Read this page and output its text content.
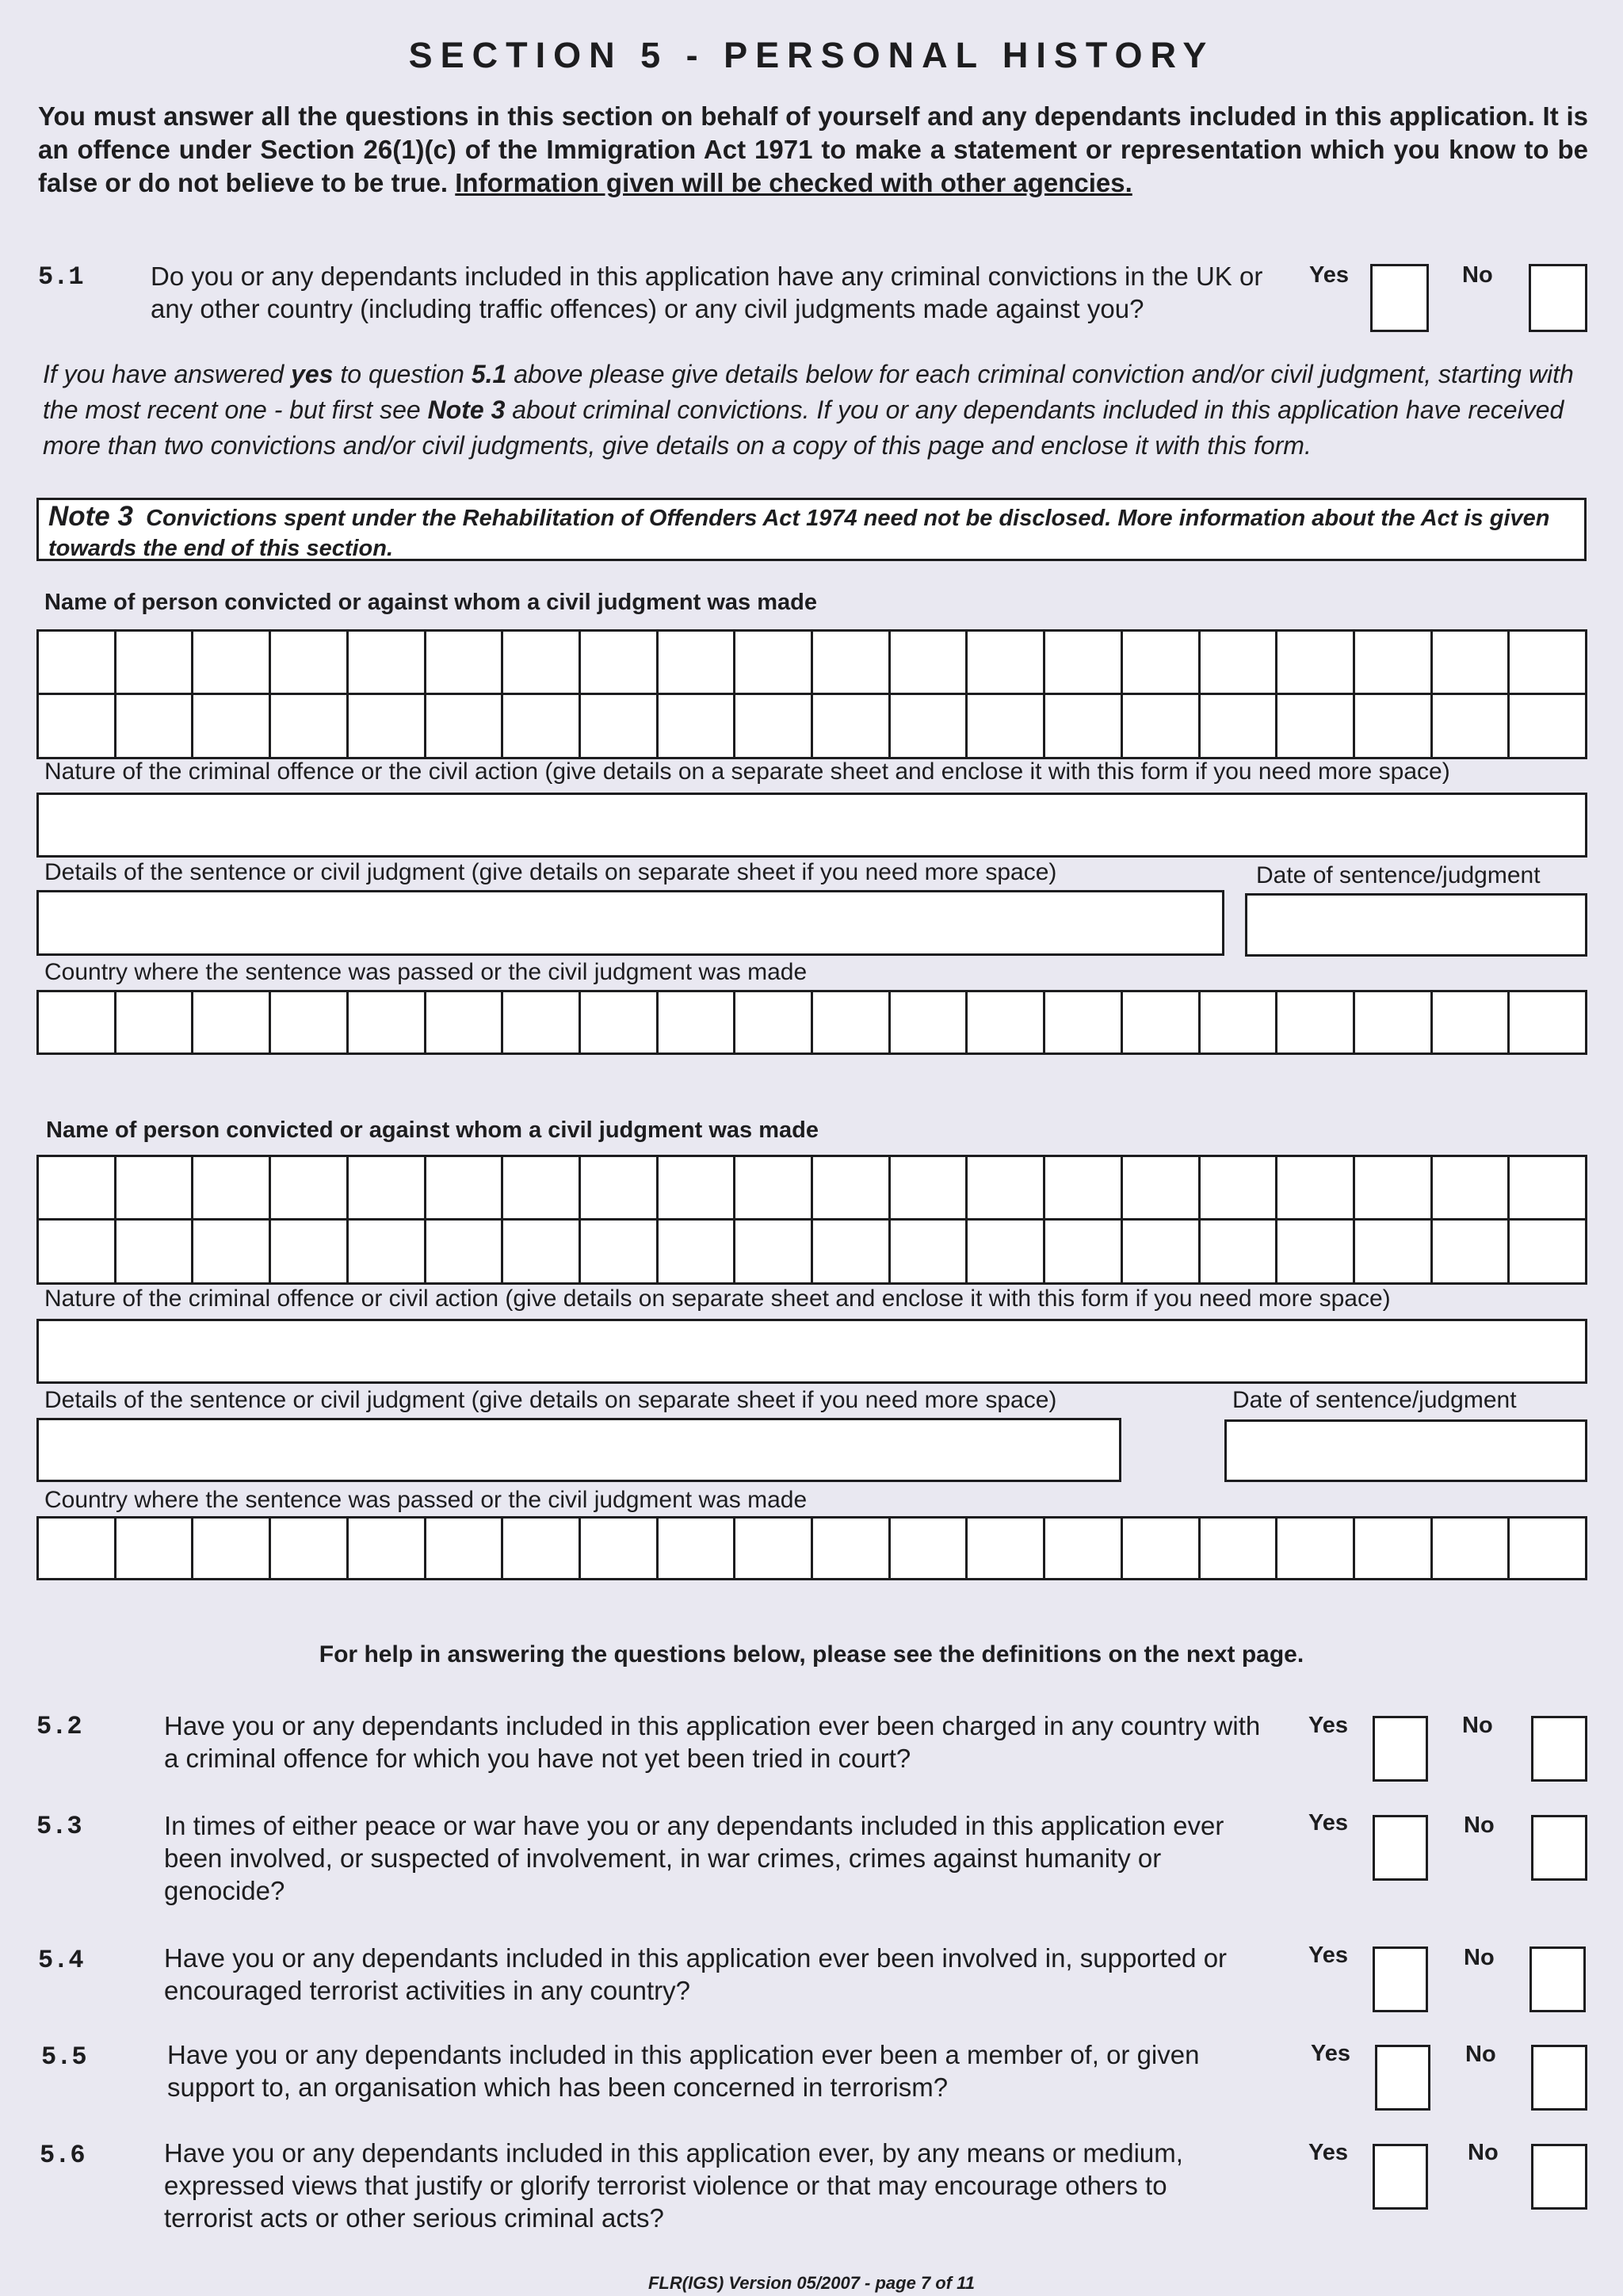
SECTION 5 - PERSONAL HISTORY
You must answer all the questions in this section on behalf of yourself and any dependants included in this application. It is an offence under Section 26(1)(c) of the Immigration Act 1971 to make a statement or representation which you know to be false or do not believe to be true. Information given will be checked with other agencies.
5.1	Do you or any dependants included in this application have any criminal convictions in the UK or any other country (including traffic offences) or any civil judgments made against you?
Yes	No
If you have answered yes to question 5.1 above please give details below for each criminal conviction and/or civil judgment, starting with the most recent one - but first see Note 3 about criminal convictions. If you or any dependants included in this application have received more than two convictions and/or civil judgments, give details on a copy of this page and enclose it with this form.
Note 3 Convictions spent under the Rehabilitation of Offenders Act 1974 need not be disclosed. More information about the Act is given towards the end of this section.
Name of person convicted or against whom a civil judgment was made
Nature of the criminal offence or the civil action (give details on a separate sheet and enclose it with this form if you need more space)
Details of the sentence or civil judgment (give details on separate sheet if you need more space)	Date of sentence/judgment
Country where the sentence was passed or the civil judgment was made
Name of person convicted or against whom a civil judgment was made
Nature of the criminal offence or civil action (give details on separate sheet and enclose it with this form if you need more space)
Details of the sentence or civil judgment (give details on separate sheet if you need more space)	Date of sentence/judgment
Country where the sentence was passed or the civil judgment was made
For help in answering the questions below, please see the definitions on the next page.
5.2	Have you or any dependants included in this application ever been charged in any country with a criminal offence for which you have not yet been tried in court?
Yes	No
5.3	In times of either peace or war have you or any dependants included in this application ever been involved, or suspected of involvement, in war crimes, crimes against humanity or genocide?
Yes	No
5.4	Have you or any dependants included in this application ever been involved in, supported or encouraged terrorist activities in any country?
Yes	No
5.5	Have you or any dependants included in this application ever been a member of, or given support to, an organisation which has been concerned in terrorism?
Yes	No
5.6	Have you or any dependants included in this application ever, by any means or medium, expressed views that justify or glorify terrorist violence or that may encourage others to terrorist acts or other serious criminal acts?
Yes	No
FLR(IGS) Version 05/2007 - page 7 of 11
